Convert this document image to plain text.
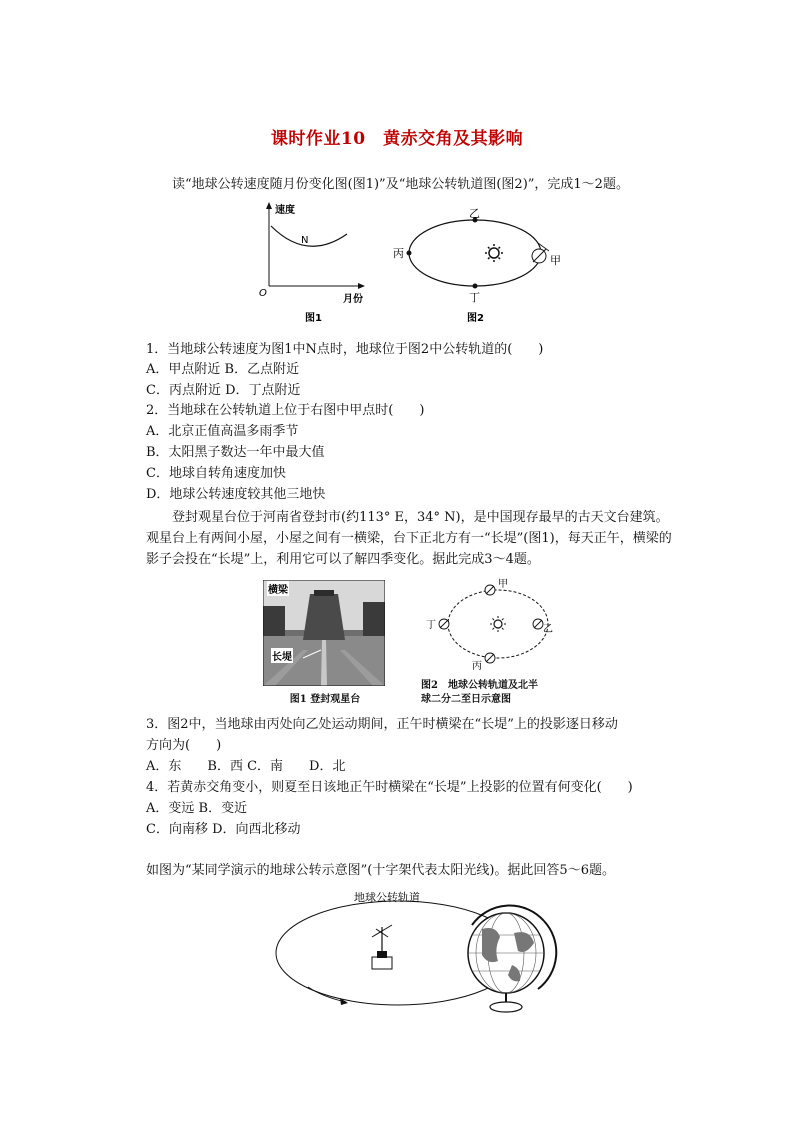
课时作业10　黄赤交角及其影响
读“地球公转速度随月份变化图(图1)”及“地球公转轨道图(图2)”，完成1～2题。
速度
月份
O
N
图1
乙
丁
丙
甲
图2
1．当地球公转速度为图1中N点时，地球位于图2中公转轨道的(　　)
A．甲点附近 B．乙点附近
C．丙点附近 D．丁点附近
2．当地球在公转轨道上位于右图中甲点时(　　)
A．北京正值高温多雨季节
B．太阳黑子数达一年中最大值
C．地球自转角速度加快
D．地球公转速度较其他三地快
登封观星台位于河南省登封市(约113° E，34° N)，是中国现存最早的古天文台建筑。观星台上有两间小屋，小屋之间有一横梁，台下正北方有一“长堤”(图1)，每天正午，横梁的影子会投在“长堤”上，利用它可以了解四季变化。据此完成3～4题。
横梁
长堤
图1 登封观星台
甲
乙
丁
丙
图2　地球公转轨道及北半
球二分二至日示意图
3．图2中，当地球由丙处向乙处运动期间，正午时横梁在“长堤”上的投影逐日移动
方向为(　　)
A．东　　B．西 C．南　　D．北
4．若黄赤交角变小，则夏至日该地正午时横梁在“长堤”上投影的位置有何变化(　　)
A．变远 B．变近
C．向南移 D．向西北移动
如图为“某同学演示的地球公转示意图”(十字架代表太阳光线)。据此回答5～6题。
地球公转轨道
